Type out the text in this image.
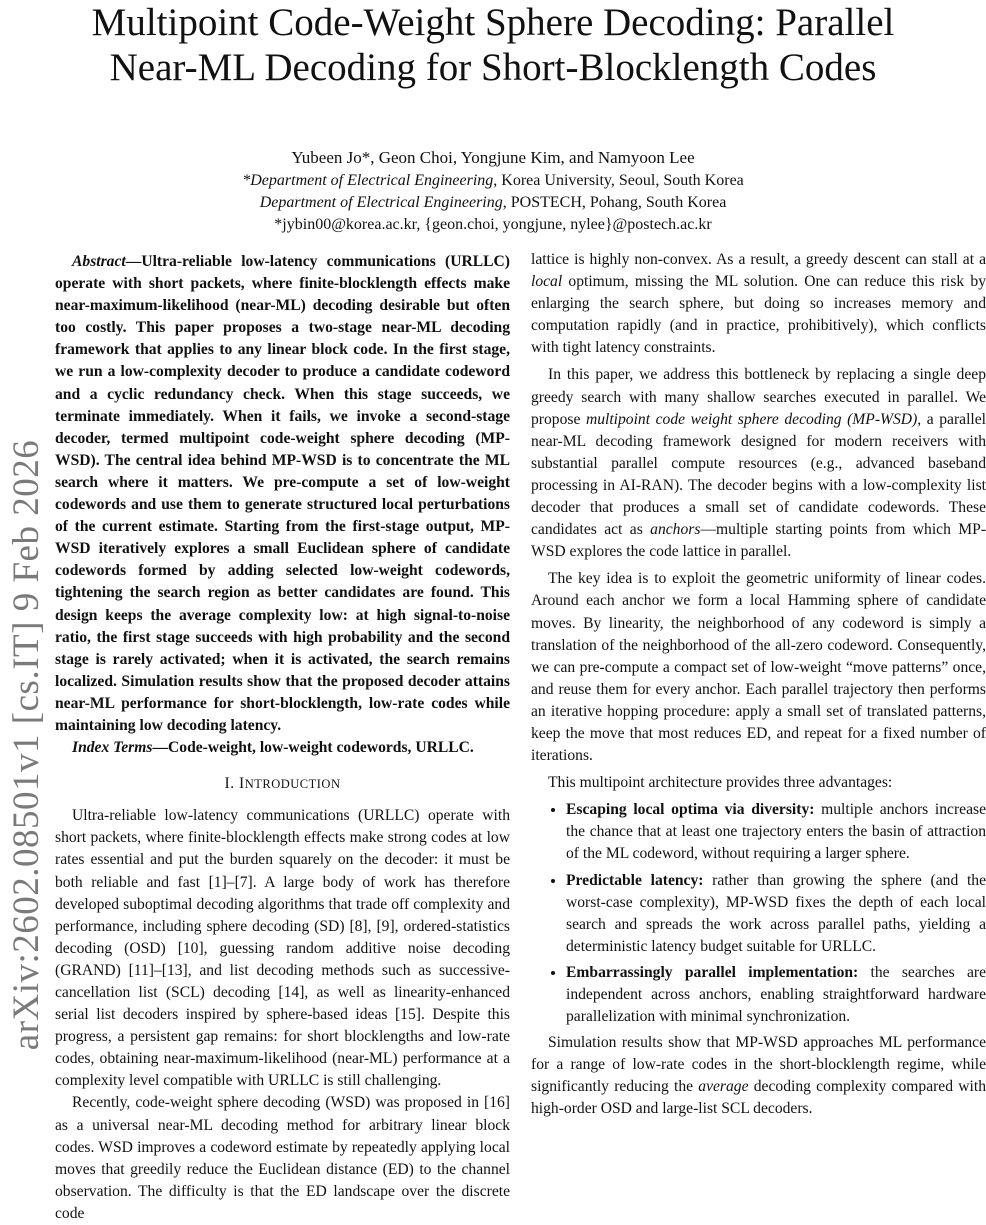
Multipoint Code-Weight Sphere Decoding: Parallel
Near-ML Decoding for Short-Blocklength Codes
Yubeen Jo*, Geon Choi, Yongjune Kim, and Namyoon Lee
*Department of Electrical Engineering, Korea University, Seoul, South Korea
Department of Electrical Engineering, POSTECH, Pohang, South Korea
*jybin00@korea.ac.kr, {geon.choi, yongjune, nylee}@postech.ac.kr
arXiv:2602.08501v1 [cs.IT] 9 Feb 2026

Abstract—Ultra-reliable low-latency communications (URLLC) operate with short packets, where finite-blocklength effects make near-maximum-likelihood (near-ML) decoding desirable but often too costly. This paper proposes a two-stage near-ML decoding framework that applies to any linear block code. In the first stage, we run a low-complexity decoder to produce a candidate codeword and a cyclic redundancy check. When this stage succeeds, we terminate immediately. When it fails, we invoke a second-stage decoder, termed multipoint code-weight sphere decoding (MP-WSD). The central idea behind MP-WSD is to concentrate the ML search where it matters. We pre-compute a set of low-weight codewords and use them to generate structured local perturbations of the current estimate. Starting from the first-stage output, MP-WSD iteratively explores a small Euclidean sphere of candidate codewords formed by adding selected low-weight codewords, tightening the search region as better candidates are found. This design keeps the average complexity low: at high signal-to-noise ratio, the first stage succeeds with high probability and the second stage is rarely activated; when it is activated, the search remains localized. Simulation results show that the proposed decoder attains near-ML performance for short-blocklength, low-rate codes while maintaining low decoding latency.

Index Terms—Code-weight, low-weight codewords, URLLC.

I. INTRODUCTION

Ultra-reliable low-latency communications (URLLC) operate with short packets, where finite-blocklength effects make strong codes at low rates essential and put the burden squarely on the decoder: it must be both reliable and fast [1]–[7]. A large body of work has therefore developed suboptimal decoding algorithms that trade off complexity and performance, including sphere decoding (SD) [8], [9], ordered-statistics decoding (OSD) [10], guessing random additive noise decoding (GRAND) [11]–[13], and list decoding methods such as successive-cancellation list (SCL) decoding [14], as well as linearity-enhanced serial list decoders inspired by sphere-based ideas [15]. Despite this progress, a persistent gap remains: for short blocklengths and low-rate codes, obtaining near-maximum-likelihood (near-ML) performance at a complexity level compatible with URLLC is still challenging.

Recently, code-weight sphere decoding (WSD) was proposed in [16] as a universal near-ML decoding method for arbitrary linear block codes. WSD improves a codeword estimate by repeatedly applying local moves that greedily reduce the Euclidean distance (ED) to the channel observation. The difficulty is that the ED landscape over the discrete code

lattice is highly non-convex. As a result, a greedy descent can stall at a local optimum, missing the ML solution. One can reduce this risk by enlarging the search sphere, but doing so increases memory and computation rapidly (and in practice, prohibitively), which conflicts with tight latency constraints.

In this paper, we address this bottleneck by replacing a single deep greedy search with many shallow searches executed in parallel. We propose multipoint code weight sphere decoding (MP-WSD), a parallel near-ML decoding framework designed for modern receivers with substantial parallel compute resources (e.g., advanced baseband processing in AI-RAN). The decoder begins with a low-complexity list decoder that produces a small set of candidate codewords. These candidates act as anchors—multiple starting points from which MP-WSD explores the code lattice in parallel.

The key idea is to exploit the geometric uniformity of linear codes. Around each anchor we form a local Hamming sphere of candidate moves. By linearity, the neighborhood of any codeword is simply a translation of the neighborhood of the all-zero codeword. Consequently, we can pre-compute a compact set of low-weight “move patterns” once, and reuse them for every anchor. Each parallel trajectory then performs an iterative hopping procedure: apply a small set of translated patterns, keep the move that most reduces ED, and repeat for a fixed number of iterations.

This multipoint architecture provides three advantages:

• Escaping local optima via diversity: multiple anchors increase the chance that at least one trajectory enters the basin of attraction of the ML codeword, without requiring a larger sphere.
• Predictable latency: rather than growing the sphere (and the worst-case complexity), MP-WSD fixes the depth of each local search and spreads the work across parallel paths, yielding a deterministic latency budget suitable for URLLC.
• Embarrassingly parallel implementation: the searches are independent across anchors, enabling straightforward hardware parallelization with minimal synchronization.

Simulation results show that MP-WSD approaches ML performance for a range of low-rate codes in the short-blocklength regime, while significantly reducing the average decoding complexity compared with high-order OSD and large-list SCL decoders.
